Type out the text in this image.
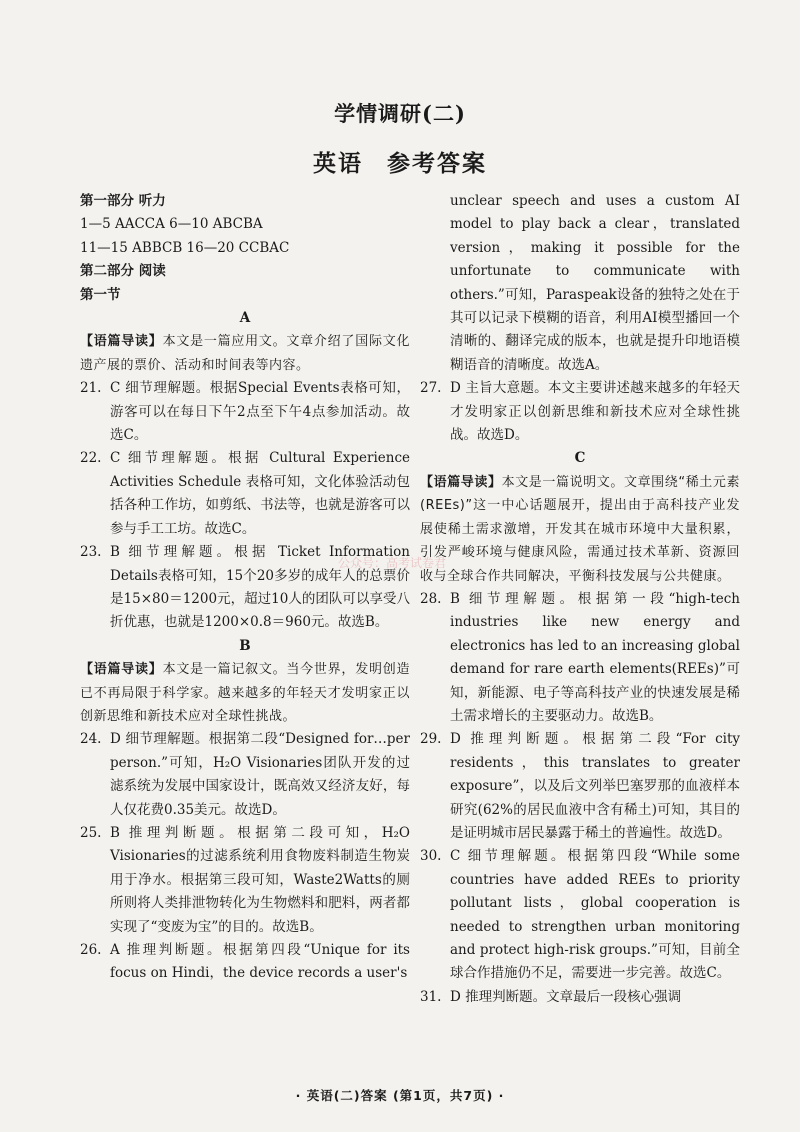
学情调研(二)
英语 参考答案
公众号：高考试卷君
第一部分 听力
1—5 AACCA 6—10 ABCBA
11—15 ABBCB 16—20 CCBAC
第二部分 阅读
第一节
A
【语篇导读】本文是一篇应用文。文章介绍了国际文化遗产展的票价、活动和时间表等内容。
21. C 细节理解题。根据Special Events表格可知，游客可以在每日下午2点至下午4点参加活动。故选C。
22. C 细节理解题。根据 Cultural Experience Activities Schedule 表格可知，文化体验活动包括各种工作坊，如剪纸、书法等，也就是游客可以参与手工工坊。故选C。
23. B 细节理解题。根据 Ticket Information Details表格可知，15个20多岁的成年人的总票价是15×80＝1200元，超过10人的团队可以享受八折优惠，也就是1200×0.8＝960元。故选B。
B
【语篇导读】本文是一篇记叙文。当今世界，发明创造已不再局限于科学家。越来越多的年轻天才发明家正以创新思维和新技术应对全球性挑战。
24. D 细节理解题。根据第二段“Designed for…per person.”可知，H₂O Visionaries团队开发的过滤系统为发展中国家设计，既高效又经济友好，每人仅花费0.35美元。故选D。
25. B 推理判断题。根据第二段可知，H₂O Visionaries的过滤系统利用食物废料制造生物炭用于净水。根据第三段可知，Waste2Watts的厕所则将人类排泄物转化为生物燃料和肥料，两者都实现了“变废为宝”的目的。故选B。
26. A 推理判断题。根据第四段“Unique for its focus on Hindi，the device records a user's
unclear speech and uses a custom AI model to play back a clear，translated version，making it possible for the unfortunate to communicate with others.”可知，Paraspeak设备的独特之处在于其可以记录下模糊的语音，利用AI模型播回一个清晰的、翻译完成的版本，也就是提升印地语模糊语音的清晰度。故选A。
27. D 主旨大意题。本文主要讲述越来越多的年轻天才发明家正以创新思维和新技术应对全球性挑战。故选D。
C
【语篇导读】本文是一篇说明文。文章围绕“稀土元素(REEs)”这一中心话题展开，提出由于高科技产业发展使稀土需求激增，开发其在城市环境中大量积累，引发严峻环境与健康风险，需通过技术革新、资源回收与全球合作共同解决，平衡科技发展与公共健康。
28. B 细节理解题。根据第一段“high-tech industries like new energy and electronics has led to an increasing global demand for rare earth elements(REEs)”可知，新能源、电子等高科技产业的快速发展是稀土需求增长的主要驱动力。故选B。
29. D 推理判断题。根据第二段“For city residents，this translates to greater exposure”，以及后文列举巴塞罗那的血液样本研究(62%的居民血液中含有稀土)可知，其目的是证明城市居民暴露于稀土的普遍性。故选D。
30. C 细节理解题。根据第四段“While some countries have added REEs to priority pollutant lists，global cooperation is needed to strengthen urban monitoring and protect high-risk groups.”可知，目前全球合作措施仍不足，需要进一步完善。故选C。
31. D 推理判断题。文章最后一段核心强调
· 英语(二)答案 (第1页，共7页) ·
